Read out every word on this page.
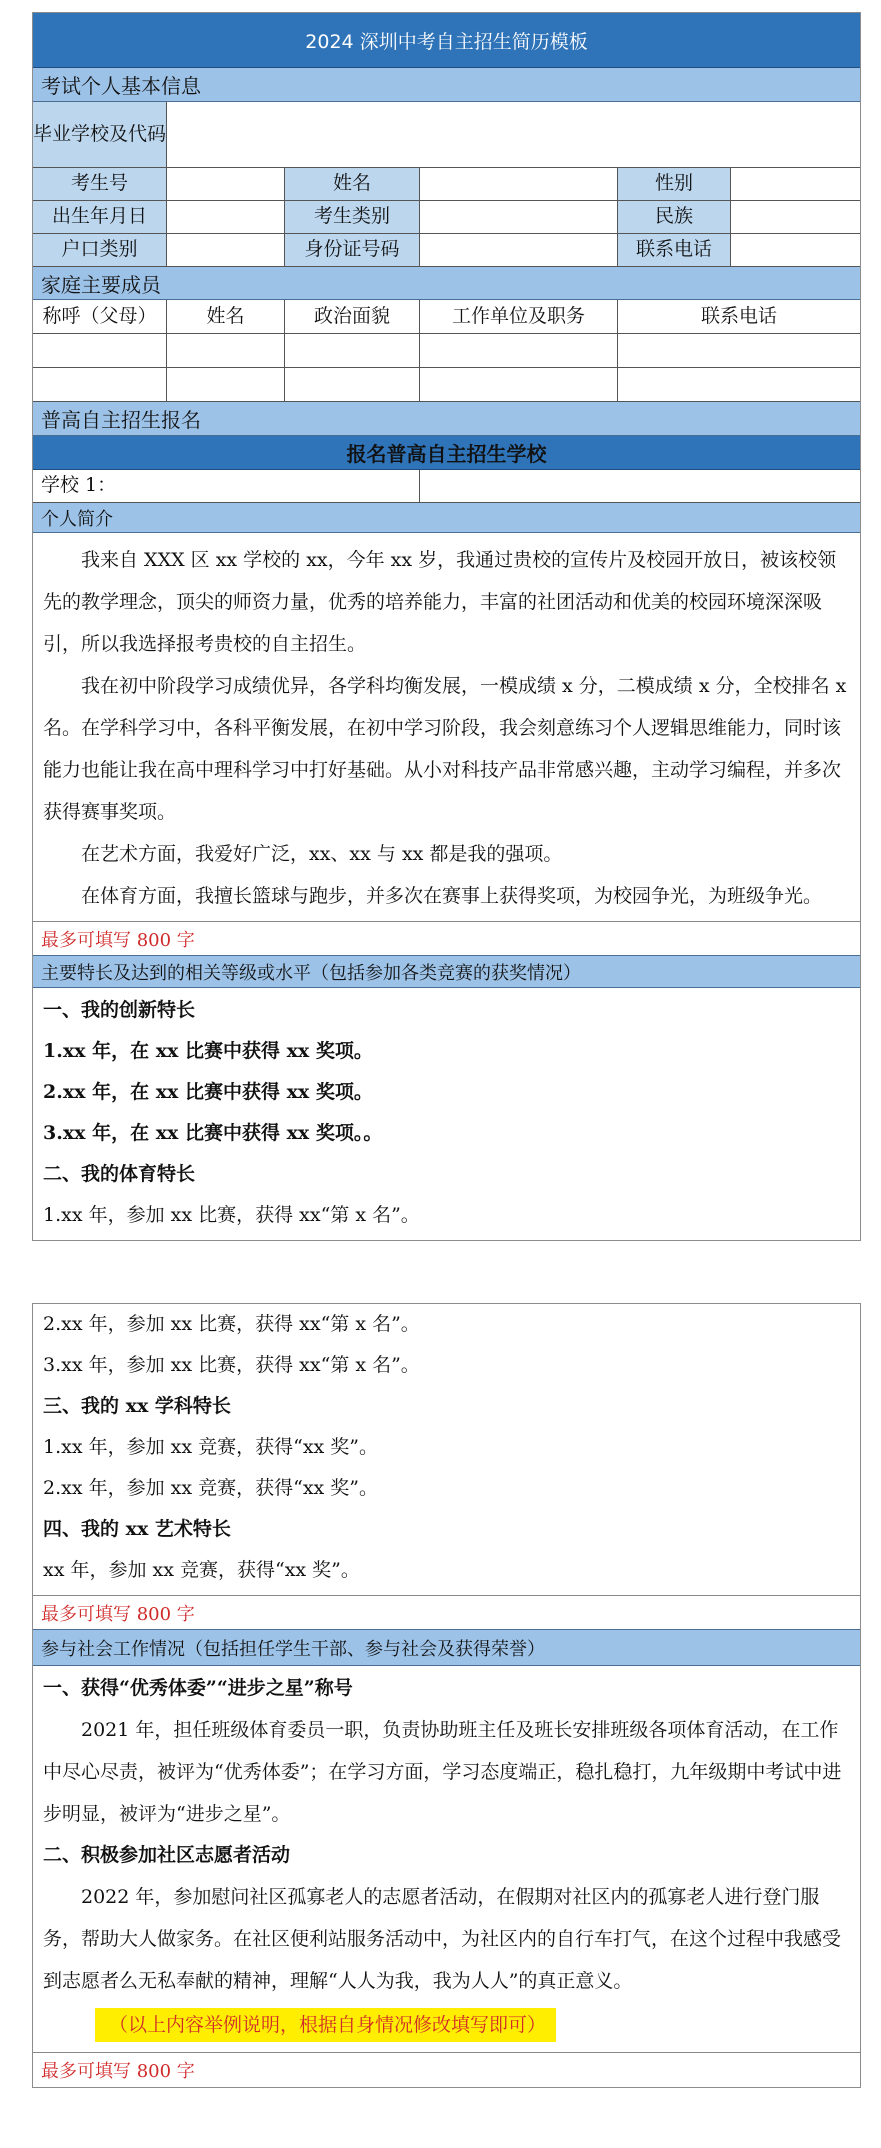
2024 深圳中考自主招生简历模板
考试个人基本信息
毕业学校及代码
考生号	姓名	性别
出生年月日	考生类别	民族
户口类别	身份证号码	联系电话
家庭主要成员
称呼（父母）	姓名	政治面貌	工作单位及职务	联系电话
普高自主招生报名
报名普高自主招生学校
学校 1：
个人简介

我来自 XXX 区 xx 学校的 xx，今年 xx 岁，我通过贵校的宣传片及校园开放日，被该校领先的教学理念，顶尖的师资力量，优秀的培养能力，丰富的社团活动和优美的校园环境深深吸引，所以我选择报考贵校的自主招生。

我在初中阶段学习成绩优异，各学科均衡发展，一模成绩 x 分，二模成绩 x 分，全校排名 x 名。在学科学习中，各科平衡发展，在初中学习阶段，我会刻意练习个人逻辑思维能力，同时该能力也能让我在高中理科学习中打好基础。从小对科技产品非常感兴趣，主动学习编程，并多次获得赛事奖项。

在艺术方面，我爱好广泛，xx、xx 与 xx 都是我的强项。

在体育方面，我擅长篮球与跑步，并多次在赛事上获得奖项，为校园争光，为班级争光。

最多可填写 800 字
主要特长及达到的相关等级或水平（包括参加各类竞赛的获奖情况）

一、我的创新特长

1.xx 年，在 xx 比赛中获得 xx 奖项。

2.xx 年，在 xx 比赛中获得 xx 奖项。

3.xx 年，在 xx 比赛中获得 xx 奖项。。

二、我的体育特长

1.xx 年，参加 xx 比赛，获得 xx“第 x 名”。

2.xx 年，参加 xx 比赛，获得 xx“第 x 名”。

3.xx 年，参加 xx 比赛，获得 xx“第 x 名”。

三、我的 xx 学科特长

1.xx 年，参加 xx 竞赛，获得“xx 奖”。

2.xx 年，参加 xx 竞赛，获得“xx 奖”。

四、我的 xx 艺术特长

xx 年，参加 xx 竞赛，获得“xx 奖”。

最多可填写 800 字
参与社会工作情况（包括担任学生干部、参与社会及获得荣誉）

一、获得“优秀体委”“进步之星”称号

2021 年，担任班级体育委员一职，负责协助班主任及班长安排班级各项体育活动，在工作中尽心尽责，被评为“优秀体委”；在学习方面，学习态度端正，稳扎稳打，九年级期中考试中进步明显，被评为“进步之星”。

二、积极参加社区志愿者活动

2022 年，参加慰问社区孤寡老人的志愿者活动，在假期对社区内的孤寡老人进行登门服务，帮助大人做家务。在社区便利站服务活动中，为社区内的自行车打气，在这个过程中我感受到志愿者么无私奉献的精神，理解“人人为我，我为人人”的真正意义。

（以上内容举例说明，根据自身情况修改填写即可）
最多可填写 800 字
